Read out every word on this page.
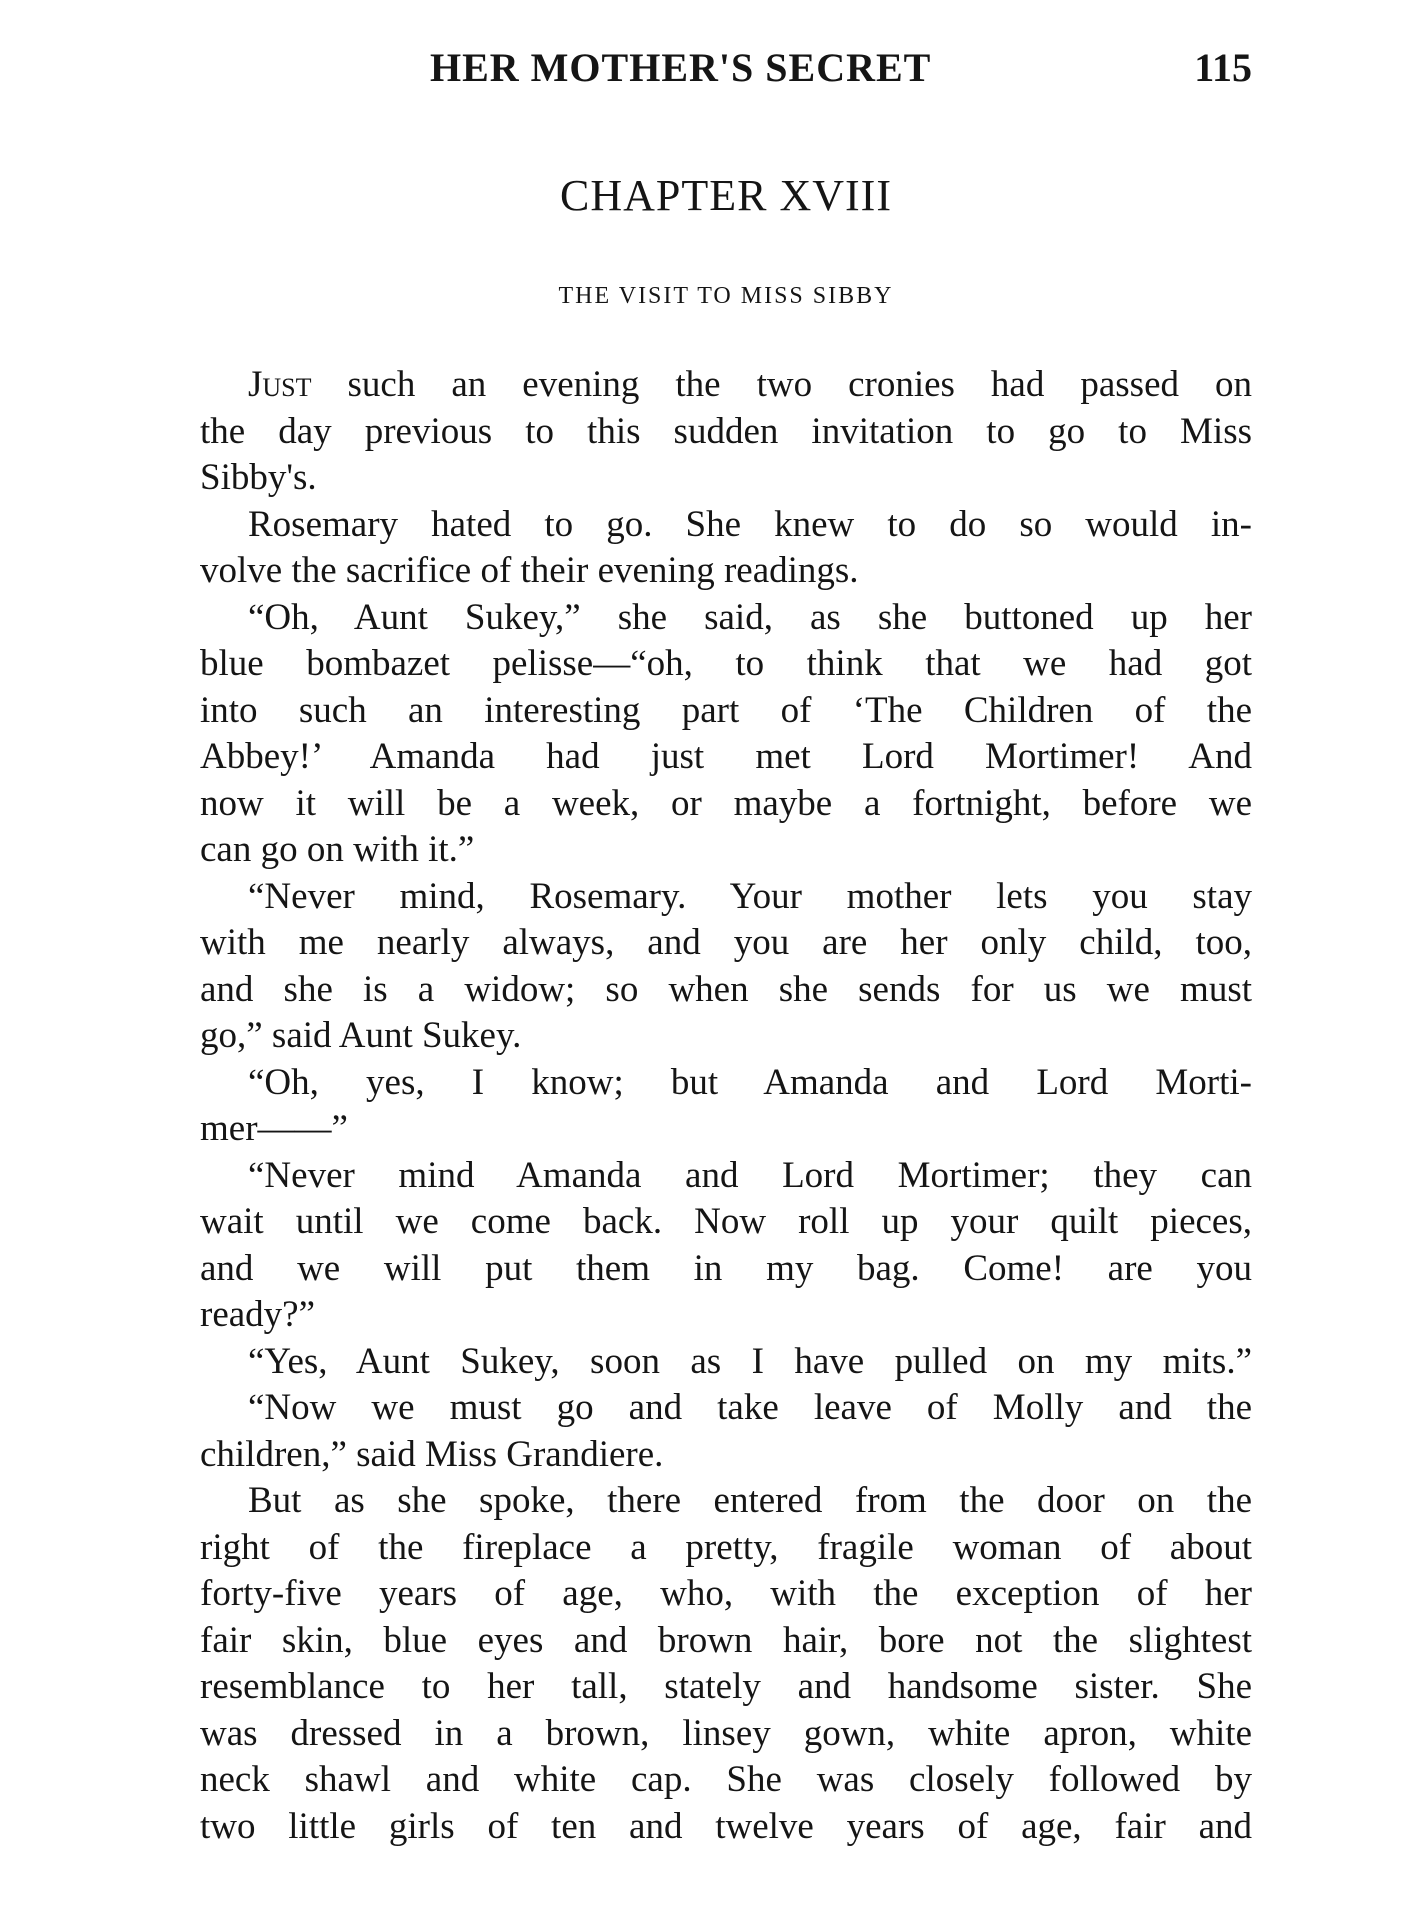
HER MOTHER'S SECRET	115
CHAPTER XVIII
THE VISIT TO MISS SIBBY
Just such an evening the two cronies had passed on
the day previous to this sudden invitation to go to Miss
Sibby's.
Rosemary hated to go. She knew to do so would in-
volve the sacrifice of their evening readings.
“Oh, Aunt Sukey,” she said, as she buttoned up her
blue bombazet pelisse—“oh, to think that we had got
into such an interesting part of ‘The Children of the
Abbey!’ Amanda had just met Lord Mortimer! And
now it will be a week, or maybe a fortnight, before we
can go on with it.”
“Never mind, Rosemary. Your mother lets you stay
with me nearly always, and you are her only child, too,
and she is a widow; so when she sends for us we must
go,” said Aunt Sukey.
“Oh, yes, I know; but Amanda and Lord Morti-
mer——”
“Never mind Amanda and Lord Mortimer; they can
wait until we come back. Now roll up your quilt pieces,
and we will put them in my bag. Come! are you
ready?”
“Yes, Aunt Sukey, soon as I have pulled on my mits.”
“Now we must go and take leave of Molly and the
children,” said Miss Grandiere.
But as she spoke, there entered from the door on the
right of the fireplace a pretty, fragile woman of about
forty-five years of age, who, with the exception of her
fair skin, blue eyes and brown hair, bore not the slightest
resemblance to her tall, stately and handsome sister. She
was dressed in a brown, linsey gown, white apron, white
neck shawl and white cap. She was closely followed by
two little girls of ten and twelve years of age, fair and
